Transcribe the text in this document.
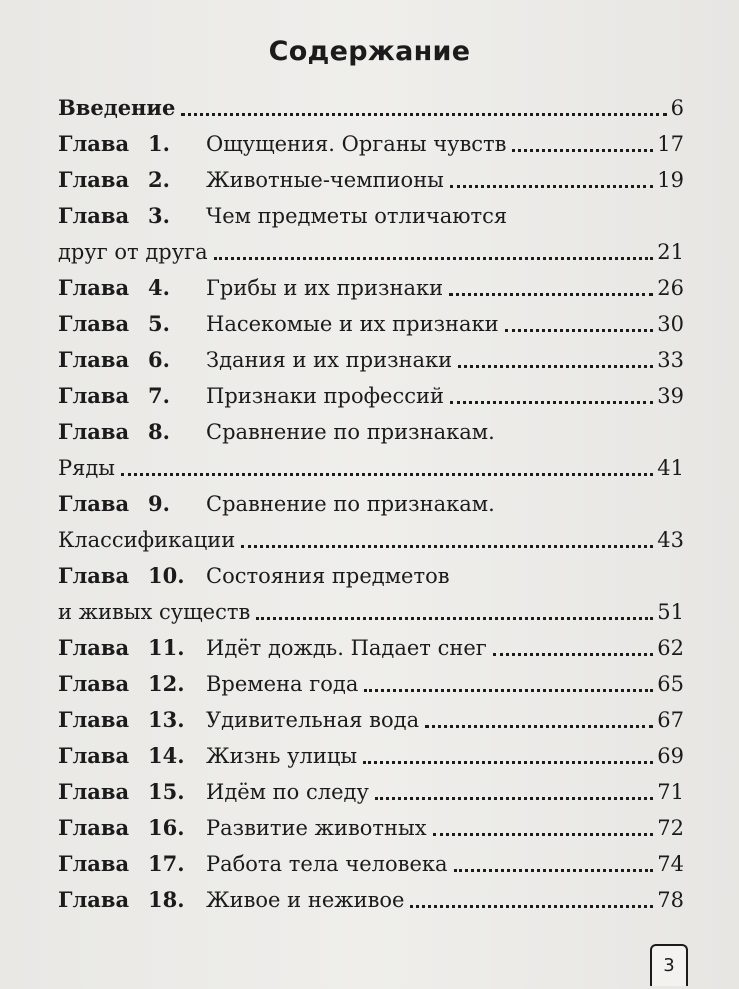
Содержание
Введение	6
Глава 1. Ощущения. Органы чувств	17
Глава 2. Животные-чемпионы	19
Глава 3. Чем предметы отличаются
друг от друга	21
Глава 4. Грибы и их признаки	26
Глава 5. Насекомые и их признаки	30
Глава 6. Здания и их признаки	33
Глава 7. Признаки профессий	39
Глава 8. Сравнение по признакам.
Ряды	41
Глава 9. Сравнение по признакам.
Классификации	43
Глава 10. Состояния предметов
и живых существ	51
Глава 11. Идёт дождь. Падает снег	62
Глава 12. Времена года	65
Глава 13. Удивительная вода	67
Глава 14. Жизнь улицы	69
Глава 15. Идём по следу	71
Глава 16. Развитие животных	72
Глава 17. Работа тела человека	74
Глава 18. Живое и неживое	78
3
